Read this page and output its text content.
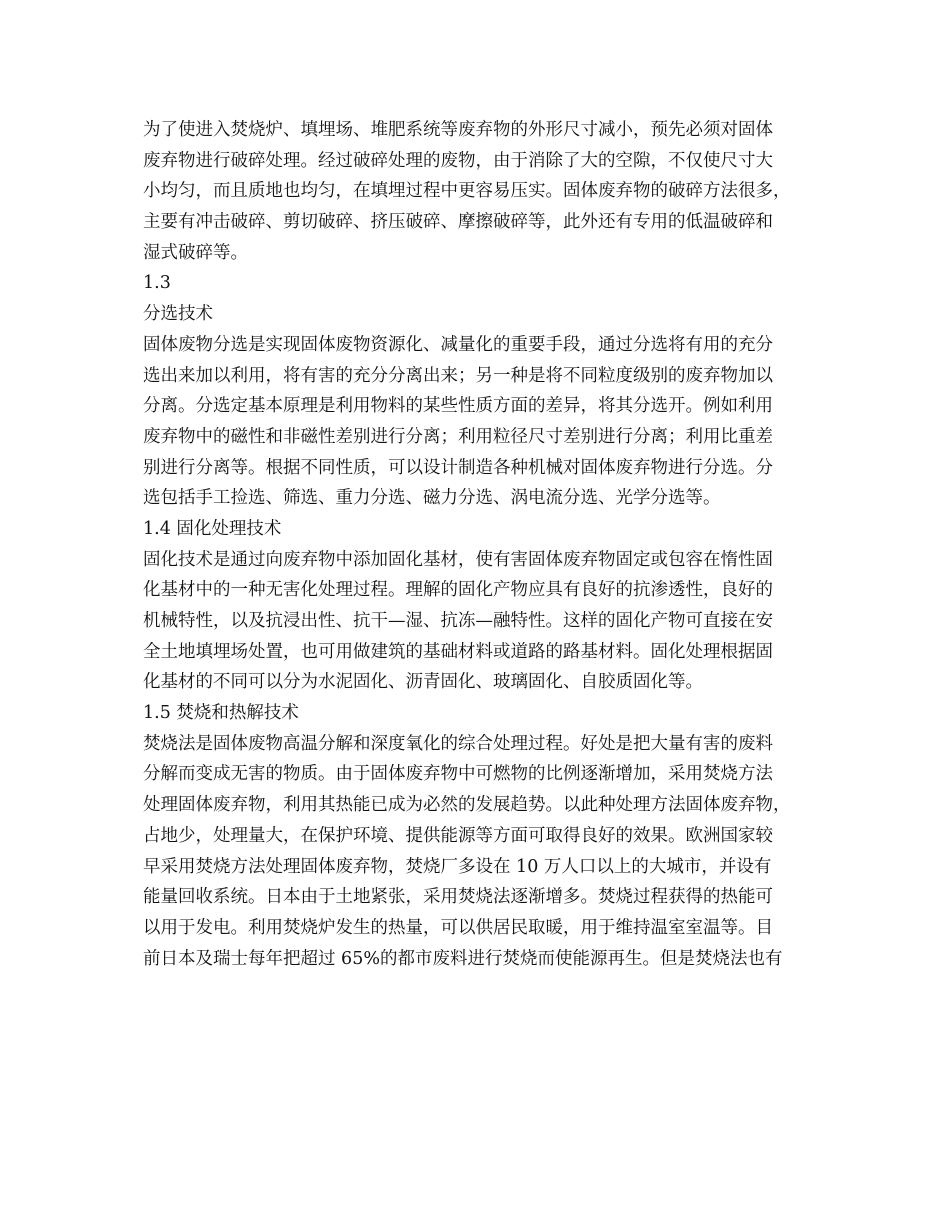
为了使进入焚烧炉、填埋场、堆肥系统等废弃物的外形尺寸减小，预先必须对固体
废弃物进行破碎处理。经过破碎处理的废物，由于消除了大的空隙，不仅使尺寸大
小均匀，而且质地也均匀，在填埋过程中更容易压实。固体废弃物的破碎方法很多，
主要有冲击破碎、剪切破碎、挤压破碎、摩擦破碎等，此外还有专用的低温破碎和
湿式破碎等。
1.3
分选技术
固体废物分选是实现固体废物资源化、减量化的重要手段，通过分选将有用的充分
选出来加以利用，将有害的充分分离出来；另一种是将不同粒度级别的废弃物加以
分离。分选定基本原理是利用物料的某些性质方面的差异，将其分选开。例如利用
废弃物中的磁性和非磁性差别进行分离；利用粒径尺寸差别进行分离；利用比重差
别进行分离等。根据不同性质，可以设计制造各种机械对固体废弃物进行分选。分
选包括手工捡选、筛选、重力分选、磁力分选、涡电流分选、光学分选等。
1.4 固化处理技术
固化技术是通过向废弃物中添加固化基材，使有害固体废弃物固定或包容在惰性固
化基材中的一种无害化处理过程。理解的固化产物应具有良好的抗渗透性，良好的
机械特性，以及抗浸出性、抗干—湿、抗冻—融特性。这样的固化产物可直接在安
全土地填埋场处置，也可用做建筑的基础材料或道路的路基材料。固化处理根据固
化基材的不同可以分为水泥固化、沥青固化、玻璃固化、自胶质固化等。
1.5 焚烧和热解技术
焚烧法是固体废物高温分解和深度氧化的综合处理过程。好处是把大量有害的废料
分解而变成无害的物质。由于固体废弃物中可燃物的比例逐渐增加，采用焚烧方法
处理固体废弃物，利用其热能已成为必然的发展趋势。以此种处理方法固体废弃物，
占地少，处理量大，在保护环境、提供能源等方面可取得良好的效果。欧洲国家较
早采用焚烧方法处理固体废弃物，焚烧厂多设在 10 万人口以上的大城市，并设有
能量回收系统。日本由于土地紧张，采用焚烧法逐渐增多。焚烧过程获得的热能可
以用于发电。利用焚烧炉发生的热量，可以供居民取暖，用于维持温室室温等。目
前日本及瑞士每年把超过 65%的都市废料进行焚烧而使能源再生。但是焚烧法也有
